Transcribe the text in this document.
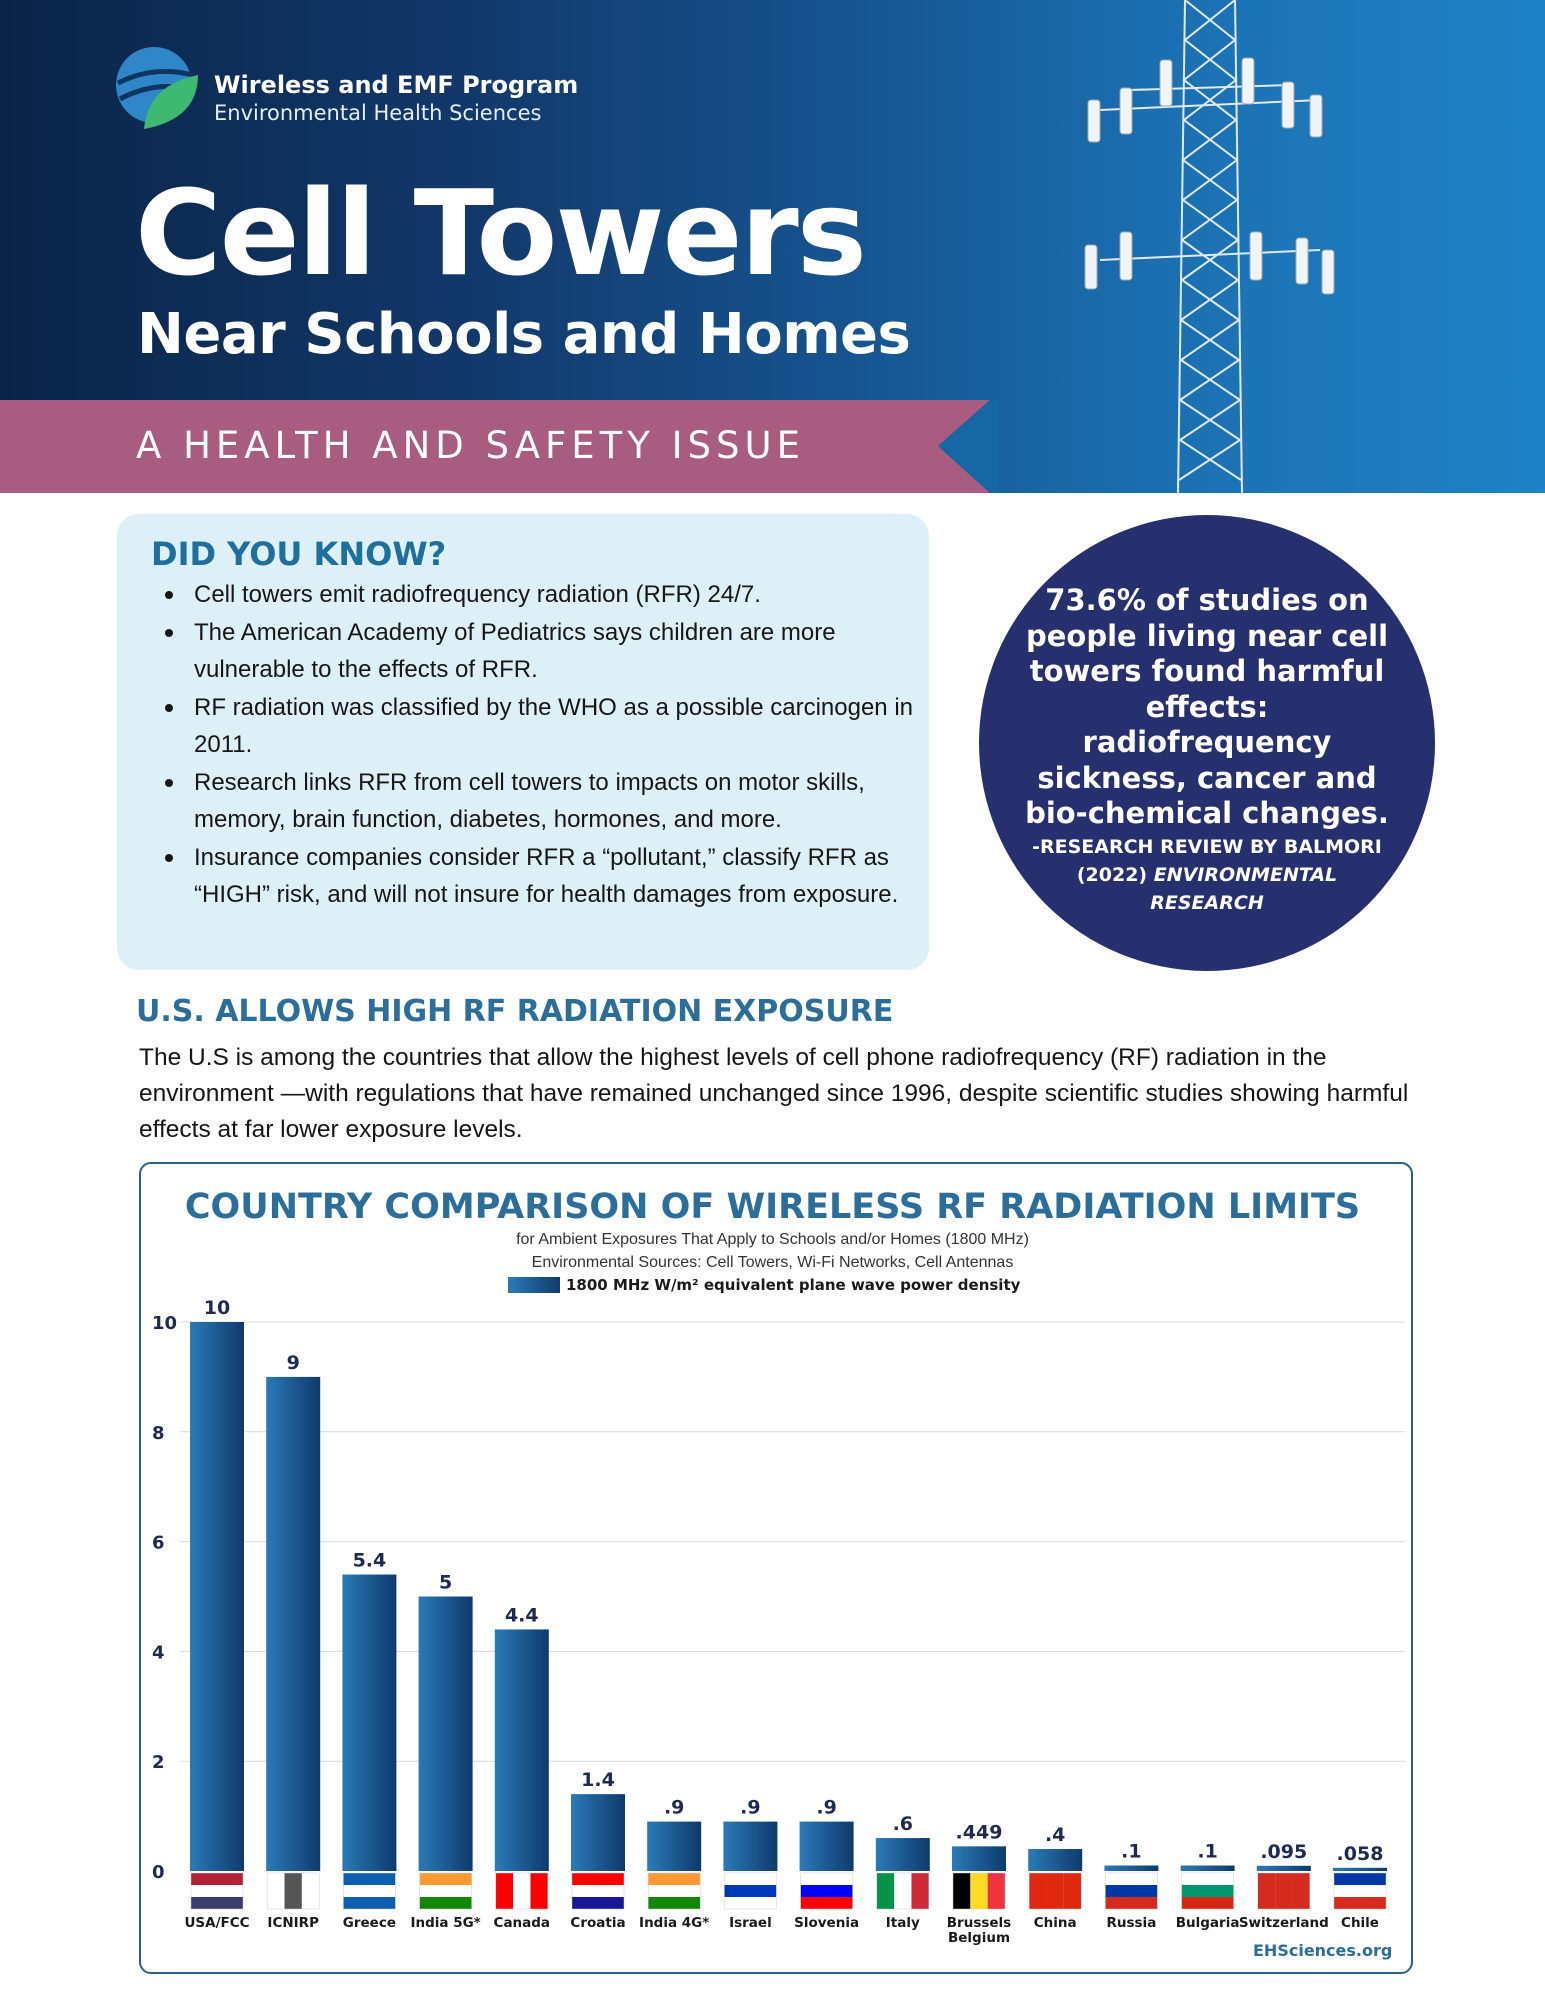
Wireless and EMF Program
Environmental Health Sciences
Cell Towers
Near Schools and Homes
A HEALTH AND SAFETY ISSUE
DID YOU KNOW?
Cell towers emit radiofrequency radiation (RFR) 24/7.
The American Academy of Pediatrics says children are more vulnerable to the effects of RFR.
RF radiation was classified by the WHO as a possible carcinogen in 2011.
Research links RFR from cell towers to impacts on motor skills, memory, brain function, diabetes, hormones, and more.
Insurance companies consider RFR a “pollutant,” classify RFR as “HIGH” risk, and will not insure for health damages from exposure.
73.6% of studies on people living near cell towers found harmful effects: radiofrequency sickness, cancer and bio-chemical changes.
-RESEARCH REVIEW BY BALMORI (2022) ENVIRONMENTAL RESEARCH
U.S. ALLOWS HIGH RF RADIATION EXPOSURE
The U.S is among the countries that allow the highest levels of cell phone radiofrequency (RF) radiation in the environment —with regulations that have remained unchanged since 1996, despite scientific studies showing harmful effects at far lower exposure levels.
COUNTRY COMPARISON OF WIRELESS RF RADIATION LIMITS
for Ambient Exposures That Apply to Schools and/or Homes (1800 MHz)
Environmental Sources: Cell Towers, Wi-Fi Networks, Cell Antennas
1800 MHz W/m² equivalent plane wave power density
0
2
4
6
8
10
10
9
5.4
5
4.4
1.4
.9	.9	.9
.6 .449 .4
.1	.1 .095 .058
USA/FCC ICNIRP Greece India 5G* Canada Croatia India 4G* Israel Slovenia Italy Brussels
Belgium
China Russia Bulgaria Switzerland Chile
EHSciences.org
